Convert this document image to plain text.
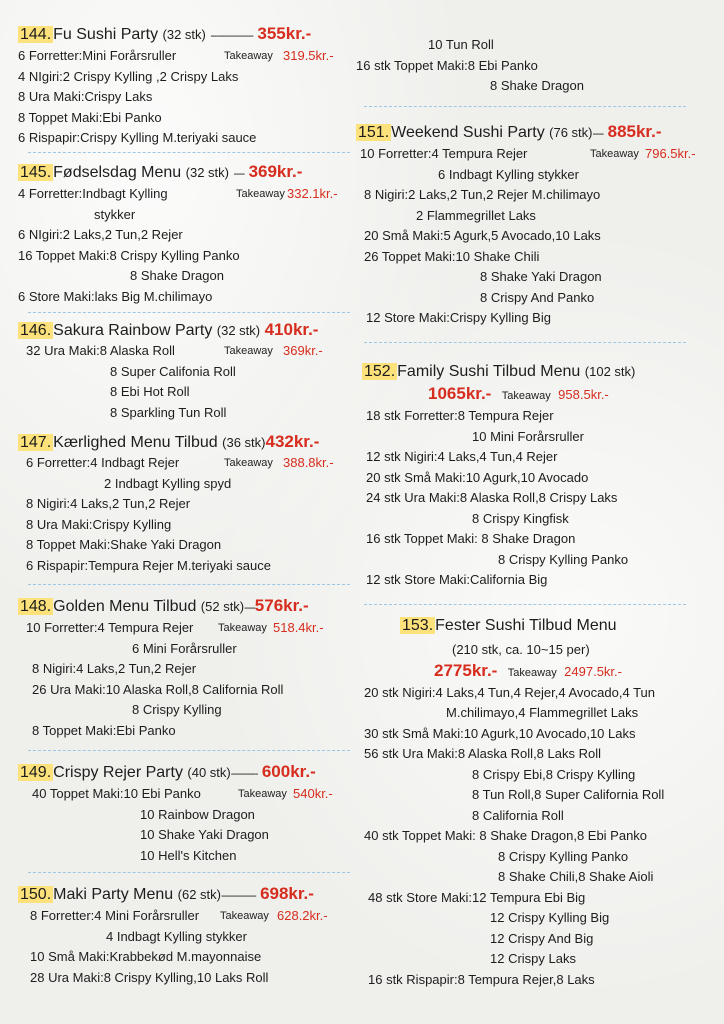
144. Fu Sushi Party (32 stk) ---------------- 355kr.-
6 Forretter:Mini Forårsruller	Takeaway 319.5kr.-
4 NIgiri:2 Crispy Kylling ,2 Crispy Laks
8 Ura Maki:Crispy Laks
8 Toppet Maki:Ebi Panko
6 Rispapir:Crispy Kylling M.teriyaki sauce
145. Fødselsdag Menu (32 stk) ---- 369kr.-
4 Forretter:Indbagt Kylling	Takeaway 332.1kr.-
stykker
6 NIgiri:2 Laks,2 Tun,2 Rejer
16 Toppet Maki:8 Crispy Kylling Panko
8 Shake Dragon
6 Store Maki:laks Big M.chilimayo
146. Sakura Rainbow Party (32 stk) 410kr.-
32 Ura Maki:8 Alaska Roll	Takeaway 369kr.-
8 Super Califonia Roll
8 Ebi Hot Roll
8 Sparkling Tun Roll
147. Kærlighed Menu Tilbud (36 stk)432kr.-
6 Forretter:4 Indbagt Rejer	Takeaway 388.8kr.-
2 Indbagt Kylling spyd
8 Nigiri:4 Laks,2 Tun,2 Rejer
8 Ura Maki:Crispy Kylling
8 Toppet Maki:Shake Yaki Dragon
6 Rispapir:Tempura Rejer M.teriyaki sauce
148. Golden Menu Tilbud (52 stk)----576kr.-
10 Forretter:4 Tempura Rejer Takeaway 518.4kr.-
6 Mini Forårsruller
8 Nigiri:4 Laks,2 Tun,2 Rejer
26 Ura Maki:10 Alaska Roll,8 California Roll
8 Crispy Kylling
8 Toppet Maki:Ebi Panko
149. Crispy Rejer Party (40 stk)---------- 600kr.-
40 Toppet Maki:10 Ebi Panko	Takeaway 540kr.-
10 Rainbow Dragon
10 Shake Yaki Dragon
10 Hell's Kitchen
150. Maki Party Menu (62 stk)------------- 698kr.-
8 Forretter:4 Mini Forårsruller Takeaway 628.2kr.-
4 Indbagt Kylling stykker
10 Små Maki:Krabbekød M.mayonnaise
28 Ura Maki:8 Crispy Kylling,10 Laks Roll
10 Tun Roll
16 stk Toppet Maki:8 Ebi Panko
8 Shake Dragon
151. Weekend Sushi Party (76 stk)---- 885kr.-
10 Forretter:4 Tempura Rejer	Takeaway 796.5kr.-
6 Indbagt Kylling stykker
8 Nigiri:2 Laks,2 Tun,2 Rejer M.chilimayo
2 Flammegrillet Laks
20 Små Maki:5 Agurk,5 Avocado,10 Laks
26 Toppet Maki:10 Shake Chili
8 Shake Yaki Dragon
8 Crispy And Panko
12 Store Maki:Crispy Kylling Big
152. Family Sushi Tilbud Menu (102 stk)
1065kr.- Takeaway 958.5kr.-
18 stk Forretter:8 Tempura Rejer
10 Mini Forårsruller
12 stk Nigiri:4 Laks,4 Tun,4 Rejer
20 stk Små Maki:10 Agurk,10 Avocado
24 stk Ura Maki:8 Alaska Roll,8 Crispy Laks
8 Crispy Kingfisk
16 stk Toppet Maki: 8 Shake Dragon
8 Crispy Kylling Panko
12 stk Store Maki:California Big
153. Fester Sushi Tilbud Menu
(210 stk, ca. 10~15 per)
2775kr.- Takeaway 2497.5kr.-
20 stk Nigiri:4 Laks,4 Tun,4 Rejer,4 Avocado,4 Tun
M.chilimayo,4 Flammegrillet Laks
30 stk Små Maki:10 Agurk,10 Avocado,10 Laks
56 stk Ura Maki:8 Alaska Roll,8 Laks Roll
8 Crispy Ebi,8 Crispy Kylling
8 Tun Roll,8 Super California Roll
8 California Roll
40 stk Toppet Maki: 8 Shake Dragon,8 Ebi Panko
8 Crispy Kylling Panko
8 Shake Chili,8 Shake Aioli
48 stk Store Maki:12 Tempura Ebi Big
12 Crispy Kylling Big
12 Crispy And Big
12 Crispy Laks
16 stk Rispapir:8 Tempura Rejer,8 Laks
